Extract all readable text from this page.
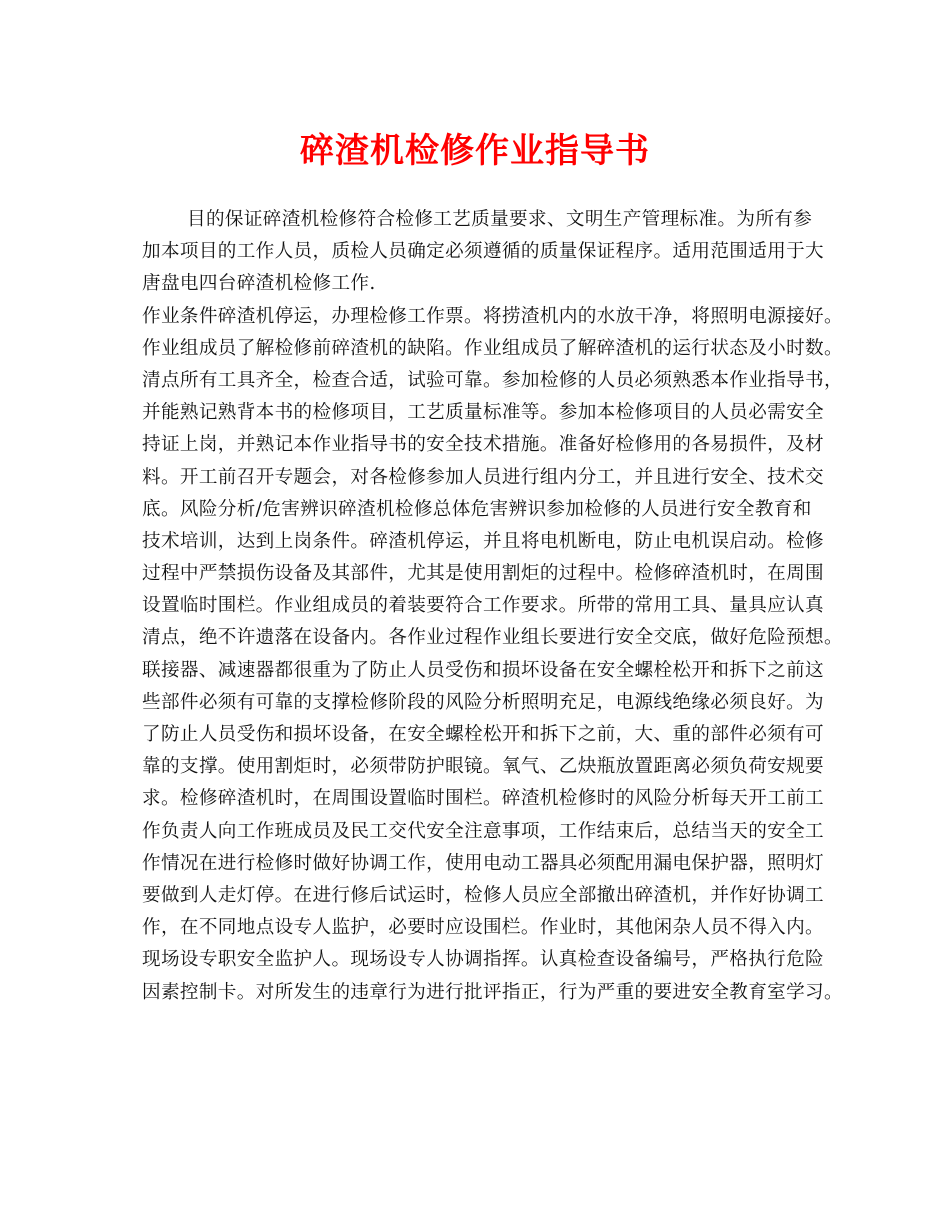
碎渣机检修作业指导书
目的保证碎渣机检修符合检修工艺质量要求、文明生产管理标准。为所有参
加本项目的工作人员，质检人员确定必须遵循的质量保证程序。适用范围适用于大
唐盘电四台碎渣机检修工作.
作业条件碎渣机停运，办理检修工作票。将捞渣机内的水放干净，将照明电源接好。
作业组成员了解检修前碎渣机的缺陷。作业组成员了解碎渣机的运行状态及小时数。
清点所有工具齐全，检查合适，试验可靠。参加检修的人员必须熟悉本作业指导书，
并能熟记熟背本书的检修项目，工艺质量标准等。参加本检修项目的人员必需安全
持证上岗，并熟记本作业指导书的安全技术措施。准备好检修用的各易损件，及材
料。开工前召开专题会，对各检修参加人员进行组内分工，并且进行安全、技术交
底。风险分析/危害辨识碎渣机检修总体危害辨识参加检修的人员进行安全教育和
技术培训，达到上岗条件。碎渣机停运，并且将电机断电，防止电机误启动。检修
过程中严禁损伤设备及其部件，尤其是使用割炬的过程中。检修碎渣机时，在周围
设置临时围栏。作业组成员的着装要符合工作要求。所带的常用工具、量具应认真
清点，绝不许遗落在设备内。各作业过程作业组长要进行安全交底，做好危险预想。
联接器、减速器都很重为了防止人员受伤和损坏设备在安全螺栓松开和拆下之前这
些部件必须有可靠的支撑检修阶段的风险分析照明充足，电源线绝缘必须良好。为
了防止人员受伤和损坏设备，在安全螺栓松开和拆下之前，大、重的部件必须有可
靠的支撑。使用割炬时，必须带防护眼镜。氧气、乙炔瓶放置距离必须负荷安规要
求。检修碎渣机时，在周围设置临时围栏。碎渣机检修时的风险分析每天开工前工
作负责人向工作班成员及民工交代安全注意事项，工作结束后，总结当天的安全工
作情况在进行检修时做好协调工作，使用电动工器具必须配用漏电保护器，照明灯
要做到人走灯停。在进行修后试运时，检修人员应全部撤出碎渣机，并作好协调工
作，在不同地点设专人监护，必要时应设围栏。作业时，其他闲杂人员不得入内。
现场设专职安全监护人。现场设专人协调指挥。认真检查设备编号，严格执行危险
因素控制卡。对所发生的违章行为进行批评指正，行为严重的要进安全教育室学习。
